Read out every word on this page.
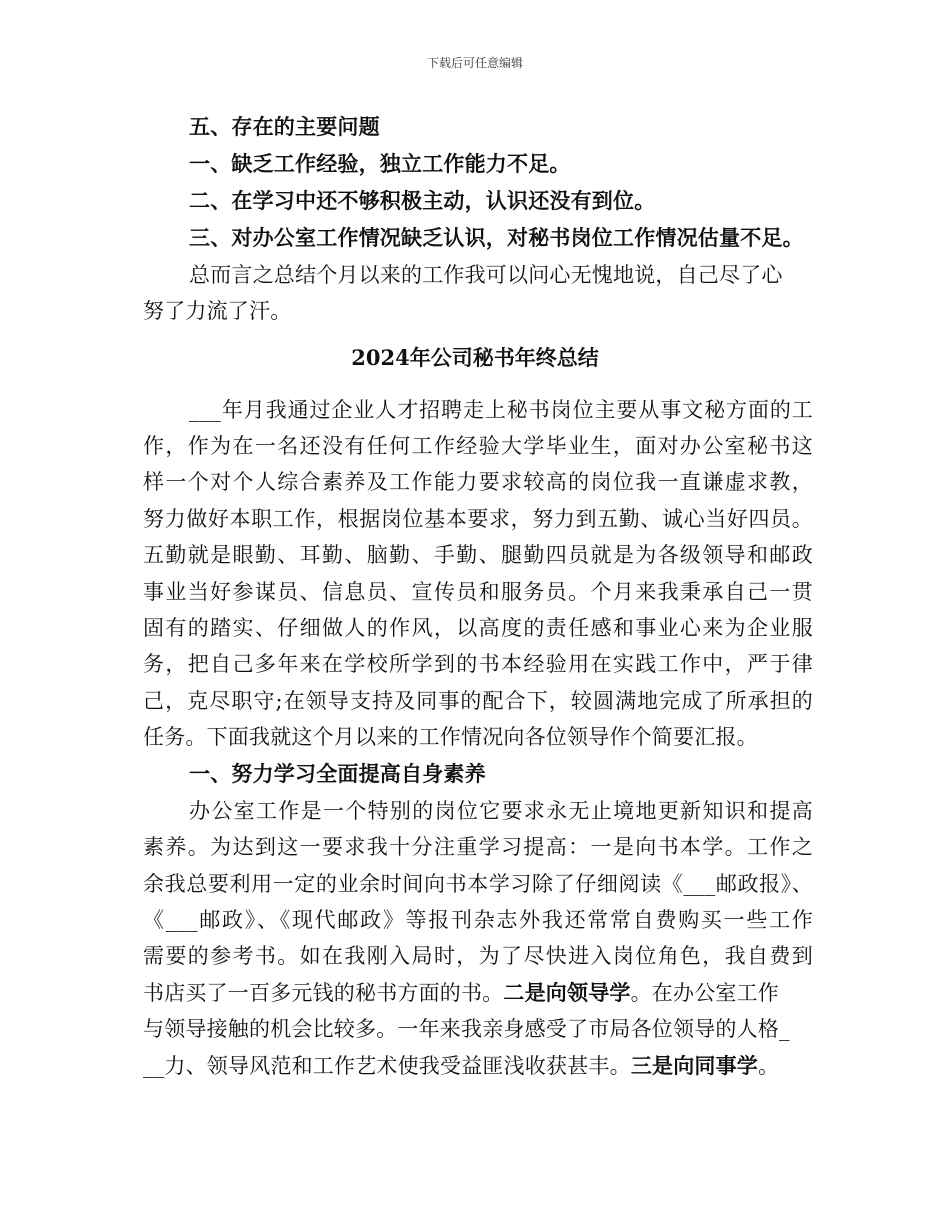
下载后可任意编辑
五、存在的主要问题
一、缺乏工作经验，独立工作能力不足。
二、在学习中还不够积极主动，认识还没有到位。
三、对办公室工作情况缺乏认识，对秘书岗位工作情况估量不足。
总而言之总结个月以来的工作我可以问心无愧地说，自己尽了心
努了力流了汗。
2024年公司秘书年终总结
___年月我通过企业人才招聘走上秘书岗位主要从事文秘方面的工
作，作为在一名还没有任何工作经验大学毕业生，面对办公室秘书这
样一个对个人综合素养及工作能力要求较高的岗位我一直谦虚求教，
努力做好本职工作，根据岗位基本要求，努力到五勤、诚心当好四员。
五勤就是眼勤、耳勤、脑勤、手勤、腿勤四员就是为各级领导和邮政
事业当好参谋员、信息员、宣传员和服务员。个月来我秉承自己一贯
固有的踏实、仔细做人的作风，以高度的责任感和事业心来为企业服
务，把自己多年来在学校所学到的书本经验用在实践工作中，严于律
己，克尽职守;在领导支持及同事的配合下，较圆满地完成了所承担的
任务。下面我就这个月以来的工作情况向各位领导作个简要汇报。
一、努力学习全面提高自身素养
办公室工作是一个特别的岗位它要求永无止境地更新知识和提高
素养。为达到这一要求我十分注重学习提高：一是向书本学。工作之
余我总要利用一定的业余时间向书本学习除了仔细阅读《___邮政报》、
《___邮政》、《现代邮政》等报刊杂志外我还常常自费购买一些工作
需要的参考书。如在我刚入局时，为了尽快进入岗位角色，我自费到
书店买了一百多元钱的秘书方面的书。二是向领导学。在办公室工作
与领导接触的机会比较多。一年来我亲身感受了市局各位领导的人格_
__力、领导风范和工作艺术使我受益匪浅收获甚丰。三是向同事学。
